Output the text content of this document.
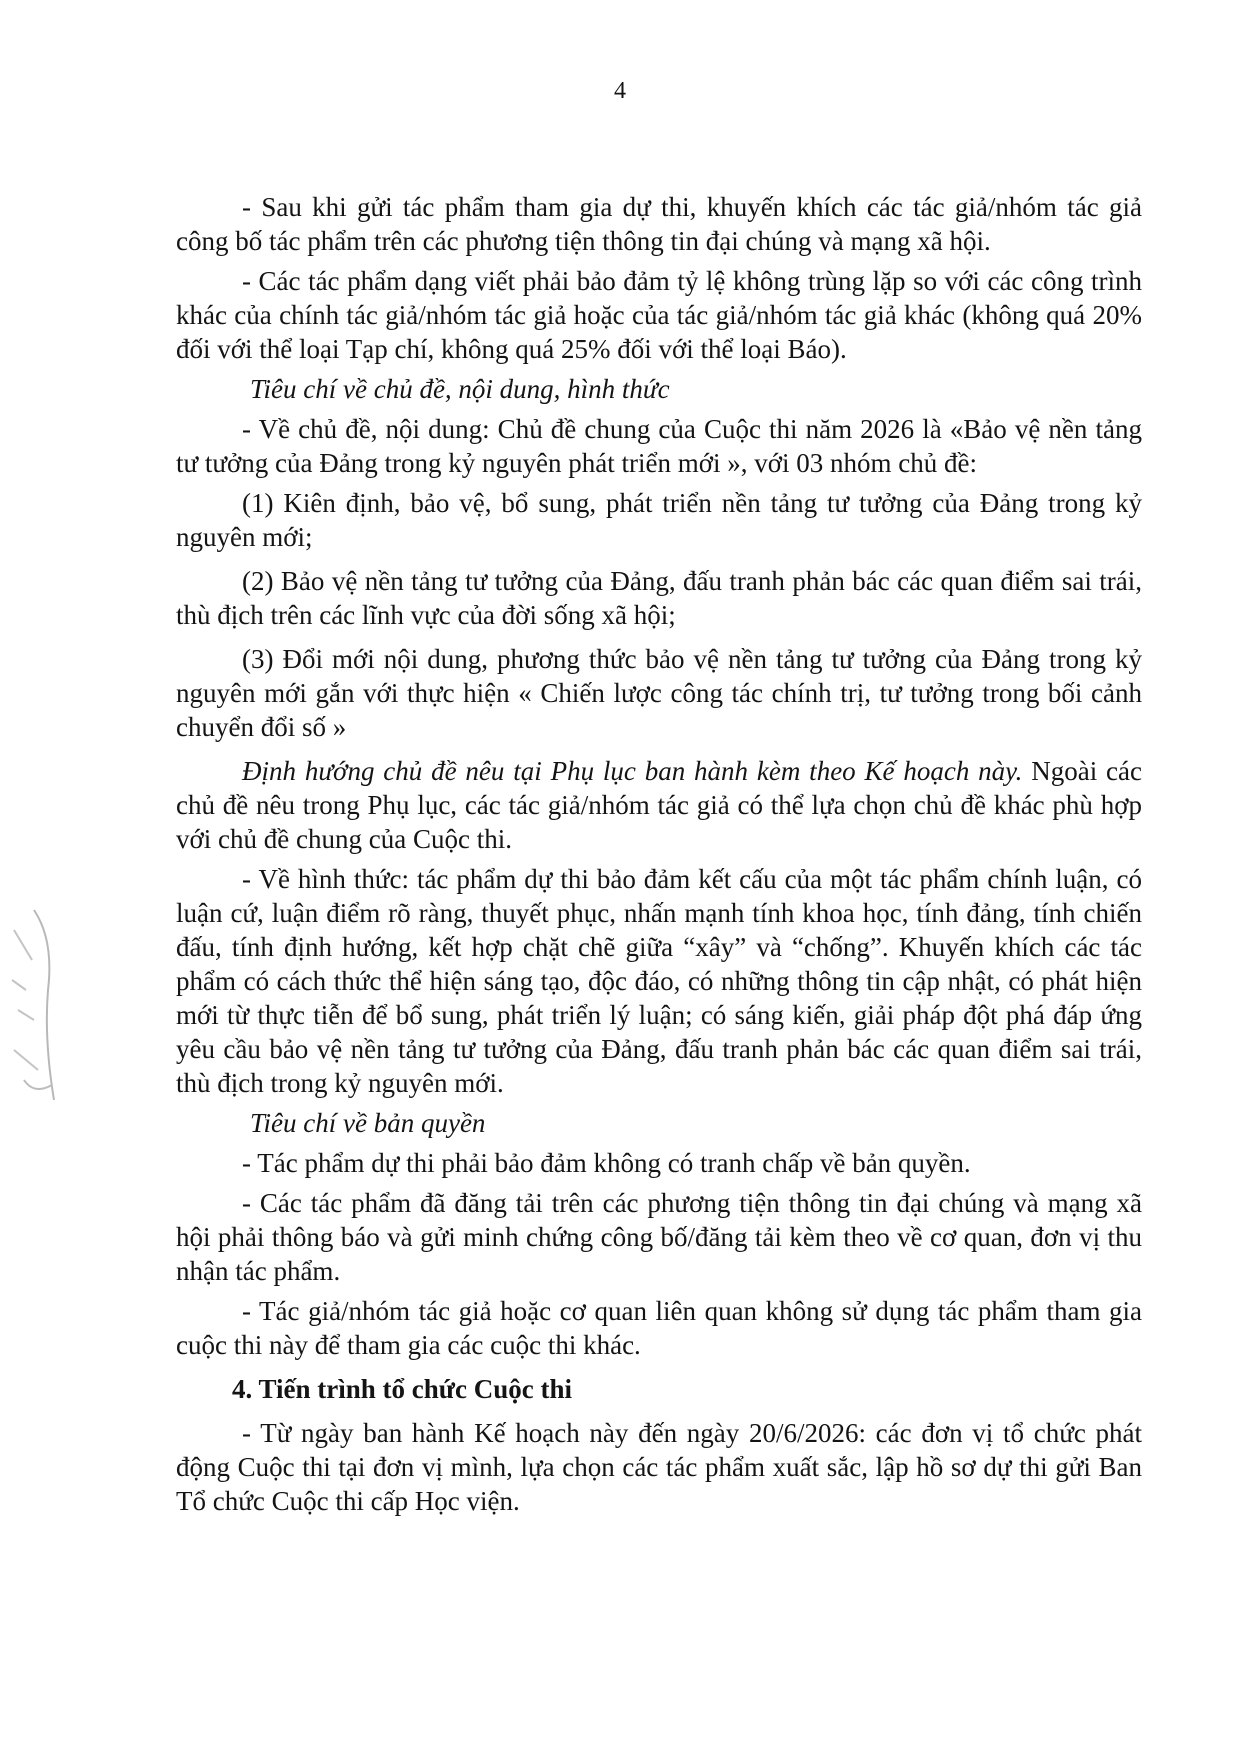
4

- Sau khi gửi tác phẩm tham gia dự thi, khuyến khích các tác giả/nhóm tác giả công bố tác phẩm trên các phương tiện thông tin đại chúng và mạng xã hội.

- Các tác phẩm dạng viết phải bảo đảm tỷ lệ không trùng lặp so với các công trình khác của chính tác giả/nhóm tác giả hoặc của tác giả/nhóm tác giả khác (không quá 20% đối với thể loại Tạp chí, không quá 25% đối với thể loại Báo).

Tiêu chí về chủ đề, nội dung, hình thức

- Về chủ đề, nội dung: Chủ đề chung của Cuộc thi năm 2026 là «Bảo vệ nền tảng tư tưởng của Đảng trong kỷ nguyên phát triển mới », với 03 nhóm chủ đề:

(1) Kiên định, bảo vệ, bổ sung, phát triển nền tảng tư tưởng của Đảng trong kỷ nguyên mới;

(2) Bảo vệ nền tảng tư tưởng của Đảng, đấu tranh phản bác các quan điểm sai trái, thù địch trên các lĩnh vực của đời sống xã hội;

(3) Đổi mới nội dung, phương thức bảo vệ nền tảng tư tưởng của Đảng trong kỷ nguyên mới gắn với thực hiện « Chiến lược công tác chính trị, tư tưởng trong bối cảnh chuyển đổi số »

Định hướng chủ đề nêu tại Phụ lục ban hành kèm theo Kế hoạch này. Ngoài các chủ đề nêu trong Phụ lục, các tác giả/nhóm tác giả có thể lựa chọn chủ đề khác phù hợp với chủ đề chung của Cuộc thi.

- Về hình thức: tác phẩm dự thi bảo đảm kết cấu của một tác phẩm chính luận, có luận cứ, luận điểm rõ ràng, thuyết phục, nhấn mạnh tính khoa học, tính đảng, tính chiến đấu, tính định hướng, kết hợp chặt chẽ giữa “xây” và “chống”. Khuyến khích các tác phẩm có cách thức thể hiện sáng tạo, độc đáo, có những thông tin cập nhật, có phát hiện mới từ thực tiễn để bổ sung, phát triển lý luận; có sáng kiến, giải pháp đột phá đáp ứng yêu cầu bảo vệ nền tảng tư tưởng của Đảng, đấu tranh phản bác các quan điểm sai trái, thù địch trong kỷ nguyên mới.

Tiêu chí về bản quyền

- Tác phẩm dự thi phải bảo đảm không có tranh chấp về bản quyền.

- Các tác phẩm đã đăng tải trên các phương tiện thông tin đại chúng và mạng xã hội phải thông báo và gửi minh chứng công bố/đăng tải kèm theo về cơ quan, đơn vị thu nhận tác phẩm.

- Tác giả/nhóm tác giả hoặc cơ quan liên quan không sử dụng tác phẩm tham gia cuộc thi này để tham gia các cuộc thi khác.

4. Tiến trình tổ chức Cuộc thi

- Từ ngày ban hành Kế hoạch này đến ngày 20/6/2026: các đơn vị tổ chức phát động Cuộc thi tại đơn vị mình, lựa chọn các tác phẩm xuất sắc, lập hồ sơ dự thi gửi Ban Tổ chức Cuộc thi cấp Học viện.
